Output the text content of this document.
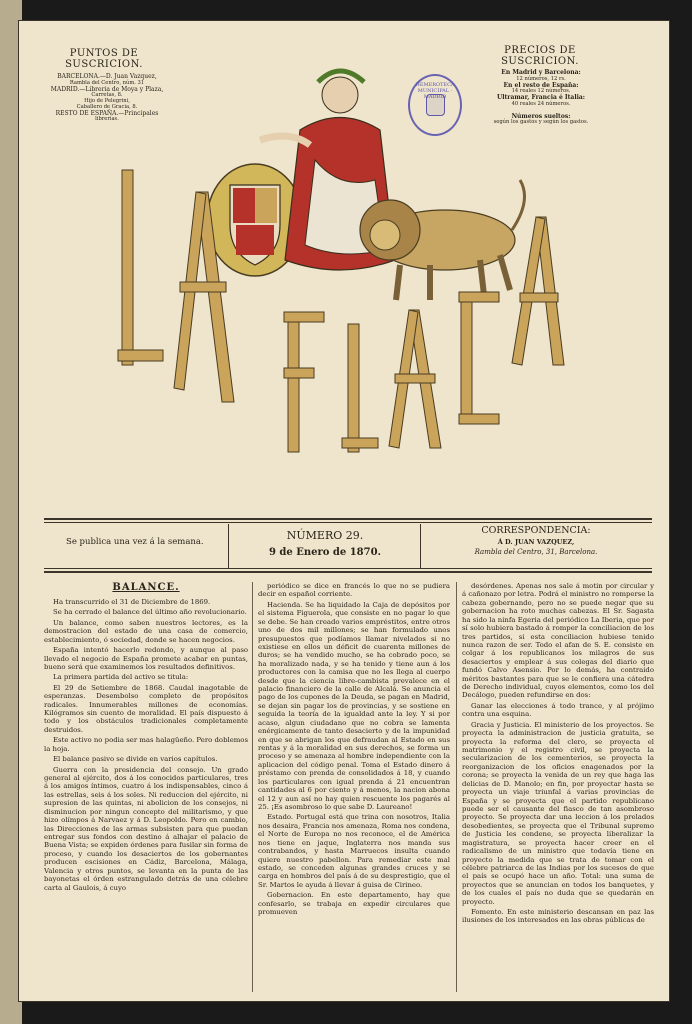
PUNTOS DE SUSCRICION.
BARCELONA.—D. Juan Vazquez,
Rambla del Centro, núm. 31
MADRID.—Libreria de Moya y Plaza,
Carretas, 8.
Hijo de Pelegrini,
Caballero de Gracia, 8.
RESTO DE ESPAÑA.—Principales
librerías.
PRECIOS DE SUSCRICION.
En Madrid y Barcelona:
12 números, 12 rs.
En el resto de España:
14 reales 12 números.
Ultramar, Francia é Italia:
40 reales 24 números.
Números sueltos:
según los gastos y según los gastos.
HEMEROTECA MUNICIPAL · MADRID
Se publica una vez á la semana.	NÚMERO 29.
9 de Enero de 1870.
CORRESPONDENCIA:
Á D. JUAN VAZQUEZ,
Rambla del Centro, 31, Barcelona.
BALANCE.

Ha transcurrido el 31 de Diciembre de 1869.

Se ha cerrado el balance del último año revolucionario.

Un balance, como saben nuestros lectores, es la demostracion del estado de una casa de comercio, establecimiento, ó sociedad, donde se hacen negocios.

España intentó hacerlo redondo, y aunque al paso llevado el negocio de España promete acabar en puntas, bueno será que examinemos los resultados definitivos.

La primera partida del activo se titula:

El 29 de Setiembre de 1868. Caudal inagotable de esperanzas. Desembolso completo de propósitos radicales. Innumerables millones de economías. Kilógramos sin cuento de moralidad. El país dispuesto á todo y los obstáculos tradicionales completamente destruidos.

Este activo no podia ser mas halagüeño. Pero doblemos la hoja.

El balance pasivo se divide en varios capítulos.

Guerra con la presidencia del consejo. Un grado general al ejército, dos á los conocidos particulares, tres á los amigos íntimos, cuatro á los indispensables, cinco á las estrellas, seis á los soles. Ni reduccion del ejército, ni supresion de las quintas, ni abolicion de los consejos, ni disminucion por ningun concepto del militarismo, y que hizo olímpos á Narvaez y á D. Leopoldo. Pero en cambio, las Direcciones de las armas subsisten para que puedan entregar sus fondos con destino á alhajar el palacio de Buena Vista; se expiden órdenes para fusilar sin forma de proceso, y cuando los desaciertos de los gobernantes producen escisiones en Cádiz, Barcelona, Málaga, Valencia y otros puntos, se levanta en la punta de las bayonetas el órden estrangulado detrás de una célebre carta al Gaulois, á cuyo

periódico se dice en francés lo que no se pudiera decir en español corriente.

Hacienda. Se ha liquidado la Caja de depósitos por el sistema Figuerola, que consiste en no pagar lo que se debe. Se han creado varios empréstitos, entre otros uno de dos mil millones; se han formulado unos presupuestos que podíamos llamar nivelados si no existiese en ellos un déficit de cuarenta millones de duros; se ha vendido mucho, se ha cobrado poco, se ha moralizado nada, y se ha tenido y tiene aun á los productores con la camisa que no les llega al cuerpo desde que la ciencia libre-cambista prevalece en el palacio financiero de la calle de Alcalá. Se anuncia el pago de los cupones de la Deuda, se pagan en Madrid, se dejan sin pagar los de provincias, y se sostiene en seguida la teoría de la igualdad ante la ley. Y si por acaso, algun ciudadano que no cobra se lamenta enérgicamente de tanto desacierto y de la impunidad en que se abrigan los que defraudan al Estado en sus rentas y á la moralidad en sus derechos, se forma un proceso y se amenaza al hombre independiente con la aplicacion del código penal. Toma el Estado dinero á préstamo con prenda de consolidados á 18, y cuando los particulares con igual prenda á 21 encuentran cantidades al 6 por ciento y á menos, la nacion abona el 12 y aun así no hay quien rescuente los pagarés al 25. ¡Es asombroso lo que sabe D. Laureano!

Estado. Portugal está que trina con nosotros, Italia nos desaira, Francia nos amenaza, Roma nos condena, el Norte de Europa no nos reconoce, el de América nos tiene en jaque, Inglaterra nos manda sus contrabandos, y hasta Marruecos insulta cuando quiere nuestro pabellon. Para remediar este mal estado, se conceden algunas grandes cruces y se carga en hombros del país á de su desprestigio, que el Sr. Martos le ayuda á llevar á guisa de Cirineo.

Gobernacion. En este departamento, hay que confesarlo, se trabaja en expedir circulares que promueven

desórdenes. Apenas nos sale á motin por circular y á cañonazo por letra. Podrá el ministro no romperse la cabeza gobernando, pero no se puede negar que su gobernacion ha roto muchas cabezas. El Sr. Sagasta ha sido la ninfa Egeria del periódico La Iberia, que por sí solo hubiera bastado á romper la conciliacion de los tres partidos, si esta conciliacion hubiese tenido nunca razon de ser. Todo el afan de S. E. consiste en colgar á los republicanos los milagros de sus desaciertos y emplear á sus colegas del diario que fundó Calvo Asensio. Por lo demás, ha contraido méritos bastantes para que se le confiera una cátedra de Derecho individual, cuyos elementos, como los del Decálogo, pueden refundirse en dos:

Ganar las elecciones á todo trance, y al prójimo contra una esquina.

Gracia y Justicia. El ministerio de los proyectos. Se proyecta la administracion de justicia gratuita, se proyecta la reforma del clero, se proyecta el matrimonio y el registro civil, se proyecta la secularizacion de los cementerios, se proyecta la reorganizacion de los oficios enagenados por la corona; se proyecta la venida de un rey que haga las delicias de D. Manolo; en fin, por proyectar hasta se proyecta un viaje triunfal á varias provincias de España y se proyecta que el partido republicano puede ser el causante del fiasco de tan asombroso proyecto. Se proyecta dar una leccion á los prelados desobedientes, se proyecta que el Tribunal supremo de Justicia les condene, se proyecta liberalizar la magistratura, se proyecta hacer creer en el radicalismo de un ministro que todavía tiene en proyecto la medida que se trata de tomar con el célebre patriarca de las Indias por los sucesos de que el país se ocupó hace un año. Total: una suma de proyectos que se anuncian en todos los banquetes, y de los cuales el país no duda que se quedarán en proyecto.

Fomento. En este ministerio descansan en paz las ilusiones de los interesados en las obras públicas de
